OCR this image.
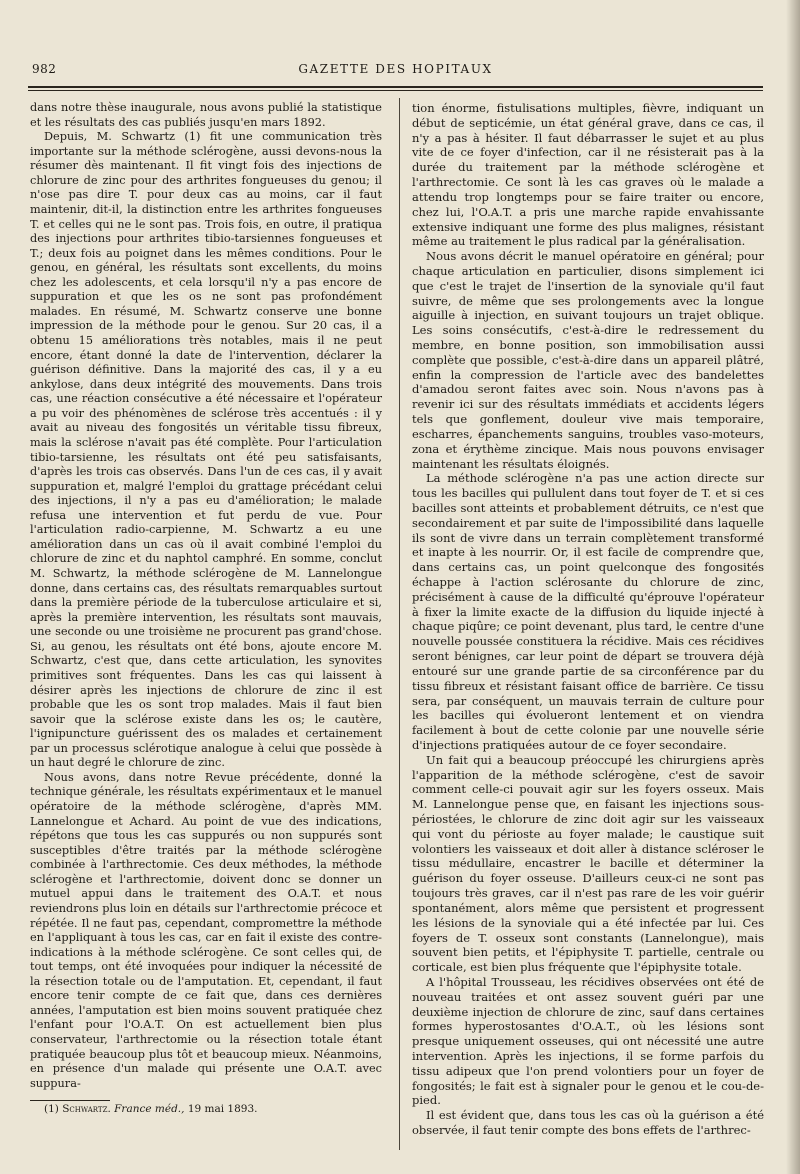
982	GAZETTE DES HOPITAUX

dans notre thèse inaugurale, nous avons publié la statistique et les résultats des cas publiés jusqu'en mars 1892.

Depuis, M. Schwartz (1) fit une communication très importante sur la méthode sclérogène, aussi devons-nous la résumer dès maintenant. Il fit vingt fois des injections de chlorure de zinc pour des arthrites fongueuses du genou; il n'ose pas dire T. pour deux cas au moins, car il faut maintenir, dit-il, la distinction entre les arthrites fongueuses T. et celles qui ne le sont pas. Trois fois, en outre, il pratiqua des injections pour arthrites tibio-tarsiennes fongueuses et T.; deux fois au poignet dans les mêmes conditions. Pour le genou, en général, les résultats sont excellents, du moins chez les adolescents, et cela lorsqu'il n'y a pas encore de suppuration et que les os ne sont pas profondément malades. En résumé, M. Schwartz conserve une bonne impression de la méthode pour le genou. Sur 20 cas, il a obtenu 15 améliorations très notables, mais il ne peut encore, étant donné la date de l'intervention, déclarer la guérison définitive. Dans la majorité des cas, il y a eu ankylose, dans deux intégrité des mouvements. Dans trois cas, une réaction consécutive a été nécessaire et l'opérateur a pu voir des phénomènes de sclérose très accentués : il y avait au niveau des fongosités un véritable tissu fibreux, mais la sclérose n'avait pas été complète. Pour l'articulation tibio-tarsienne, les résultats ont été peu satisfaisants, d'après les trois cas observés. Dans l'un de ces cas, il y avait suppuration et, malgré l'emploi du grattage précédant celui des injections, il n'y a pas eu d'amélioration; le malade refusa une intervention et fut perdu de vue. Pour l'articulation radio-carpienne, M. Schwartz a eu une amélioration dans un cas où il avait combiné l'emploi du chlorure de zinc et du naphtol camphré. En somme, conclut M. Schwartz, la méthode sclérogène de M. Lannelongue donne, dans certains cas, des résultats remarquables surtout dans la première période de la tuberculose articulaire et si, après la première intervention, les résultats sont mauvais, une seconde ou une troisième ne procurent pas grand'chose. Si, au genou, les résultats ont été bons, ajoute encore M. Schwartz, c'est que, dans cette articulation, les synovites primitives sont fréquentes. Dans les cas qui laissent à désirer après les injections de chlorure de zinc il est probable que les os sont trop malades. Mais il faut bien savoir que la sclérose existe dans les os; le cautère, l'ignipuncture guérissent des os malades et certainement par un processus sclérotique analogue à celui que possède à un haut degré le chlorure de zinc.

Nous avons, dans notre Revue précédente, donné la technique générale, les résultats expérimentaux et le manuel opératoire de la méthode sclérogène, d'après MM. Lannelongue et Achard. Au point de vue des indications, répétons que tous les cas suppurés ou non suppurés sont susceptibles d'être traités par la méthode sclérogène combinée à l'arthrectomie. Ces deux méthodes, la méthode sclérogène et l'arthrectomie, doivent donc se donner un mutuel appui dans le traitement des O.A.T. et nous reviendrons plus loin en détails sur l'arthrectomie précoce et répétée. Il ne faut pas, cependant, compromettre la méthode en l'appliquant à tous les cas, car en fait il existe des contre-indications à la méthode sclérogène. Ce sont celles qui, de tout temps, ont été invoquées pour indiquer la nécessité de la résection totale ou de l'amputation. Et, cependant, il faut encore tenir compte de ce fait que, dans ces dernières années, l'amputation est bien moins souvent pratiquée chez l'enfant pour l'O.A.T. On est actuellement bien plus conservateur, l'arthrectomie ou la résection totale étant pratiquée beaucoup plus tôt et beaucoup mieux. Néanmoins, en présence d'un malade qui présente une O.A.T. avec suppura-

tion énorme, fistulisations multiples, fièvre, indiquant un début de septicémie, un état général grave, dans ce cas, il n'y a pas à hésiter. Il faut débarrasser le sujet et au plus vite de ce foyer d'infection, car il ne résisterait pas à la durée du traitement par la méthode sclérogène et l'arthrectomie. Ce sont là les cas graves où le malade a attendu trop longtemps pour se faire traiter ou encore, chez lui, l'O.A.T. a pris une marche rapide envahissante extensive indiquant une forme des plus malignes, résistant même au traitement le plus radical par la généralisation.

Nous avons décrit le manuel opératoire en général; pour chaque articulation en particulier, disons simplement ici que c'est le trajet de l'insertion de la synoviale qu'il faut suivre, de même que ses prolongements avec la longue aiguille à injection, en suivant toujours un trajet oblique. Les soins consécutifs, c'est-à-dire le redressement du membre, en bonne position, son immobilisation aussi complète que possible, c'est-à-dire dans un appareil plâtré, enfin la compression de l'article avec des bandelettes d'amadou seront faites avec soin. Nous n'avons pas à revenir ici sur des résultats immédiats et accidents légers tels que gonflement, douleur vive mais temporaire, escharres, épanchements sanguins, troubles vaso-moteurs, zona et érythème zincique. Mais nous pouvons envisager maintenant les résultats éloignés.

La méthode sclérogène n'a pas une action directe sur tous les bacilles qui pullulent dans tout foyer de T. et si ces bacilles sont atteints et probablement détruits, ce n'est que secondairement et par suite de l'impossibilité dans laquelle ils sont de vivre dans un terrain complètement transformé et inapte à les nourrir. Or, il est facile de comprendre que, dans certains cas, un point quelconque des fongosités échappe à l'action sclérosante du chlorure de zinc, précisément à cause de la difficulté qu'éprouve l'opérateur à fixer la limite exacte de la diffusion du liquide injecté à chaque piqûre; ce point devenant, plus tard, le centre d'une nouvelle poussée constituera la récidive. Mais ces récidives seront bénignes, car leur point de départ se trouvera déjà entouré sur une grande partie de sa circonférence par du tissu fibreux et résistant faisant office de barrière. Ce tissu sera, par conséquent, un mauvais terrain de culture pour les bacilles qui évolueront lentement et on viendra facilement à bout de cette colonie par une nouvelle série d'injections pratiquées autour de ce foyer secondaire.

Un fait qui a beaucoup préoccupé les chirurgiens après l'apparition de la méthode sclérogène, c'est de savoir comment celle-ci pouvait agir sur les foyers osseux. Mais M. Lannelongue pense que, en faisant les injections sous-périostées, le chlorure de zinc doit agir sur les vaisseaux qui vont du périoste au foyer malade; le caustique suit volontiers les vaisseaux et doit aller à distance scléroser le tissu médullaire, encastrer le bacille et déterminer la guérison du foyer osseuse. D'ailleurs ceux-ci ne sont pas toujours très graves, car il n'est pas rare de les voir guérir spontanément, alors même que persistent et progressent les lésions de la synoviale qui a été infectée par lui. Ces foyers de T. osseux sont constants (Lannelongue), mais souvent bien petits, et l'épiphysite T. partielle, centrale ou corticale, est bien plus fréquente que l'épiphysite totale.

A l'hôpital Trousseau, les récidives observées ont été de nouveau traitées et ont assez souvent guéri par une deuxième injection de chlorure de zinc, sauf dans certaines formes hyperostosantes d'O.A.T., où les lésions sont presque uniquement osseuses, qui ont nécessité une autre intervention. Après les injections, il se forme parfois du tissu adipeux que l'on prend volontiers pour un foyer de fongosités; le fait est à signaler pour le genou et le cou-de-pied.

Il est évident que, dans tous les cas où la guérison a été observée, il faut tenir compte des bons effets de l'arthrec-

(1) Schwartz. France méd., 19 mai 1893.
